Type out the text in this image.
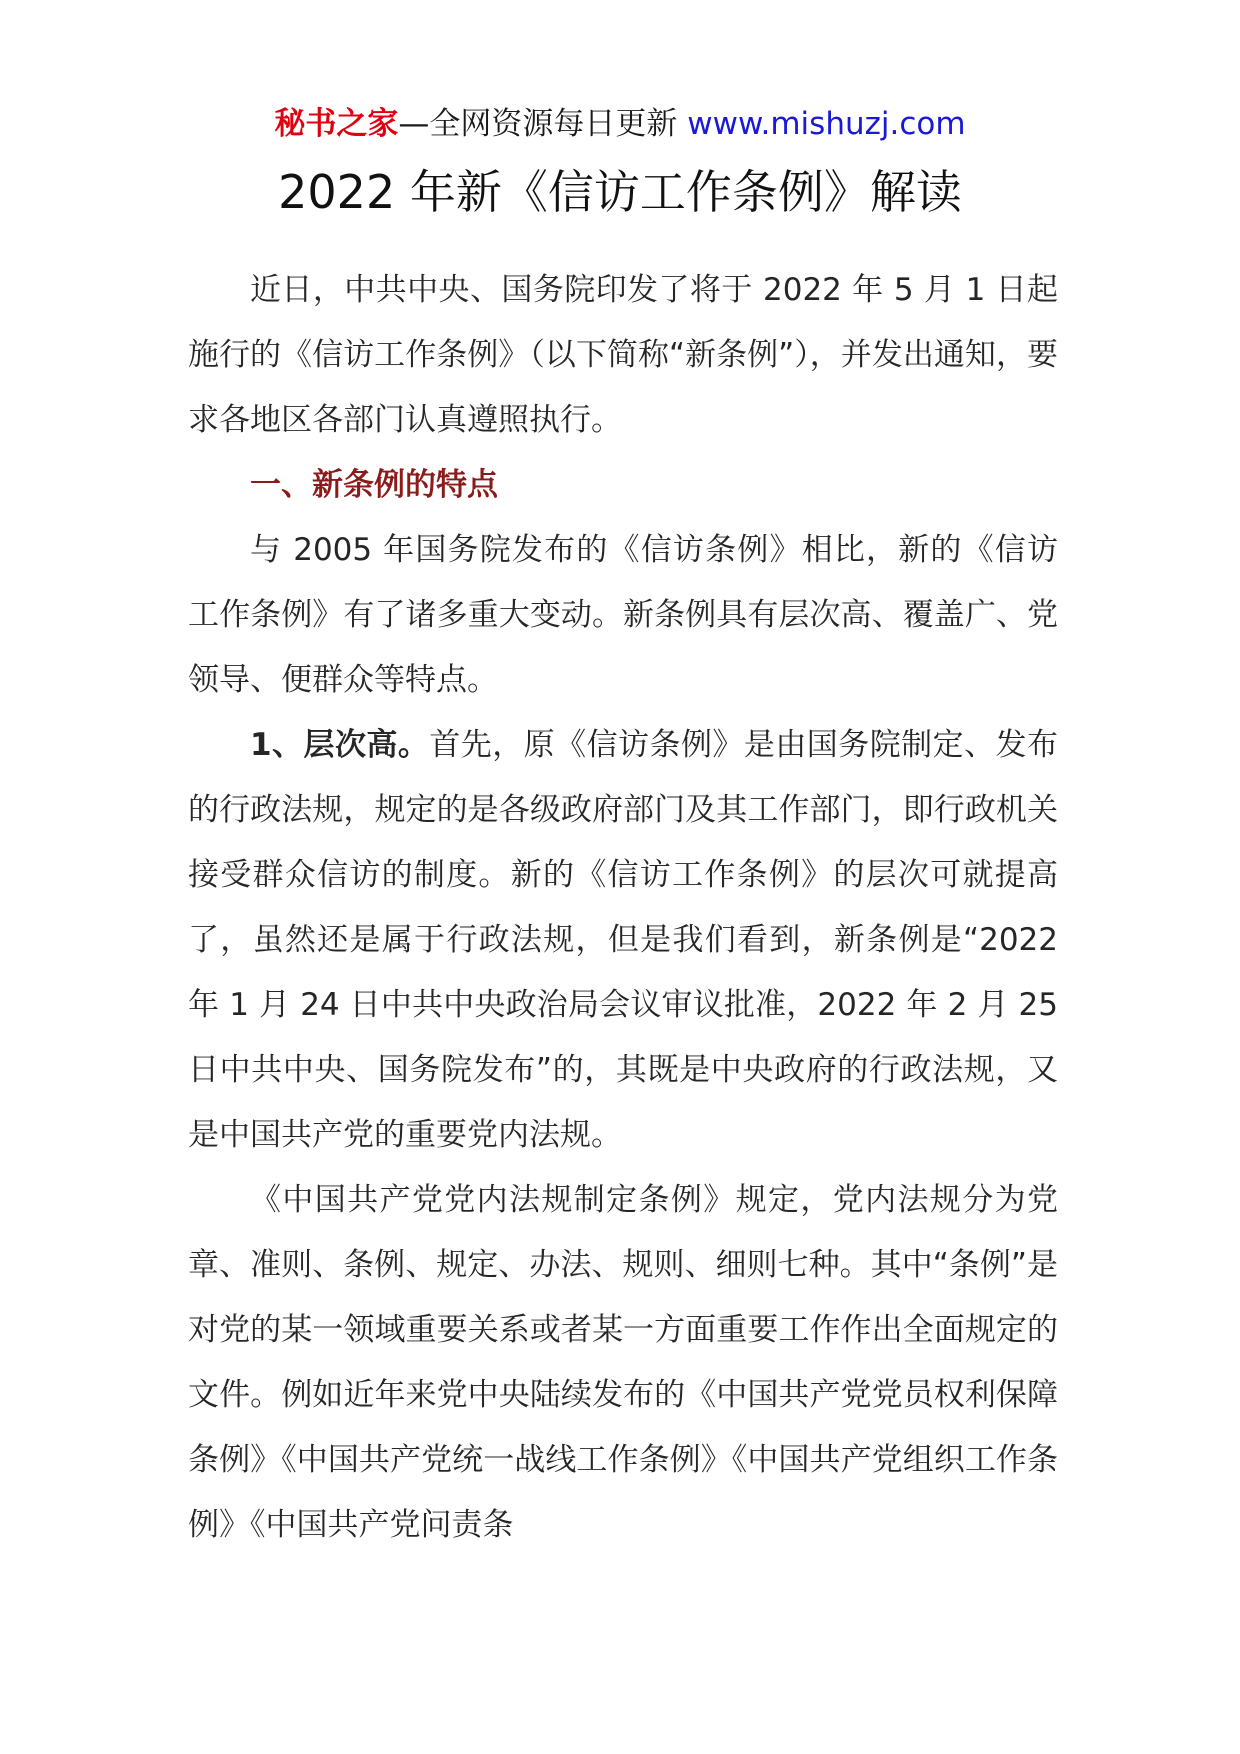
秘书之家—全网资源每日更新 www.mishuzj.com
2022 年新《信访工作条例》解读

近日，中共中央、国务院印发了将于 2022 年 5 月 1 日起施行的《信访工作条例》（以下简称“新条例”），并发出通知，要求各地区各部门认真遵照执行。

一、新条例的特点

与 2005 年国务院发布的《信访条例》相比，新的《信访工作条例》有了诸多重大变动。新条例具有层次高、覆盖广、党领导、便群众等特点。

1、层次高。首先，原《信访条例》是由国务院制定、发布的行政法规，规定的是各级政府部门及其工作部门，即行政机关接受群众信访的制度。新的《信访工作条例》的层次可就提高了，虽然还是属于行政法规，但是我们看到，新条例是“2022 年 1 月 24 日中共中央政治局会议审议批准，2022 年 2 月 25 日中共中央、国务院发布”的，其既是中央政府的行政法规，又是中国共产党的重要党内法规。

《中国共产党党内法规制定条例》规定，党内法规分为党章、准则、条例、规定、办法、规则、细则七种。其中“条例”是对党的某一领域重要关系或者某一方面重要工作作出全面规定的文件。例如近年来党中央陆续发布的《中国共产党党员权利保障条例》《中国共产党统一战线工作条例》《中国共产党组织工作条例》《中国共产党问责条
